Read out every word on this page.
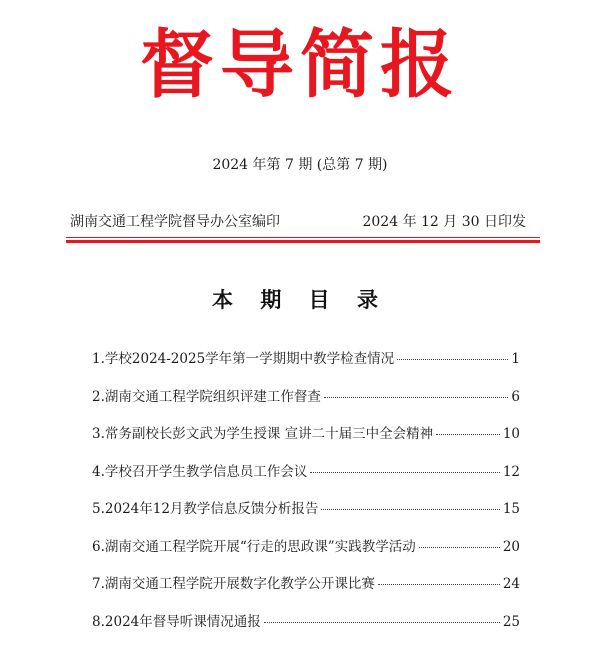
督导简报
2024 年第 7 期 (总第 7 期)
湖南交通工程学院督导办公室编印	2024 年 12 月 30 日印发
本 期 目 录
1. 学校2024-2025学年第一学期期中教学检查情况	1
2. 湖南交通工程学院组织评建工作督查	6
3. 常务副校长彭文武为学生授课 宣讲二十届三中全会精神	10
4. 学校召开学生教学信息员工作会议	12
5. 2024年12月教学信息反馈分析报告	15
6. 湖南交通工程学院开展“行走的思政课”实践教学活动	20
7. 湖南交通工程学院开展数字化教学公开课比赛	24
8. 2024年督导听课情况通报	25
